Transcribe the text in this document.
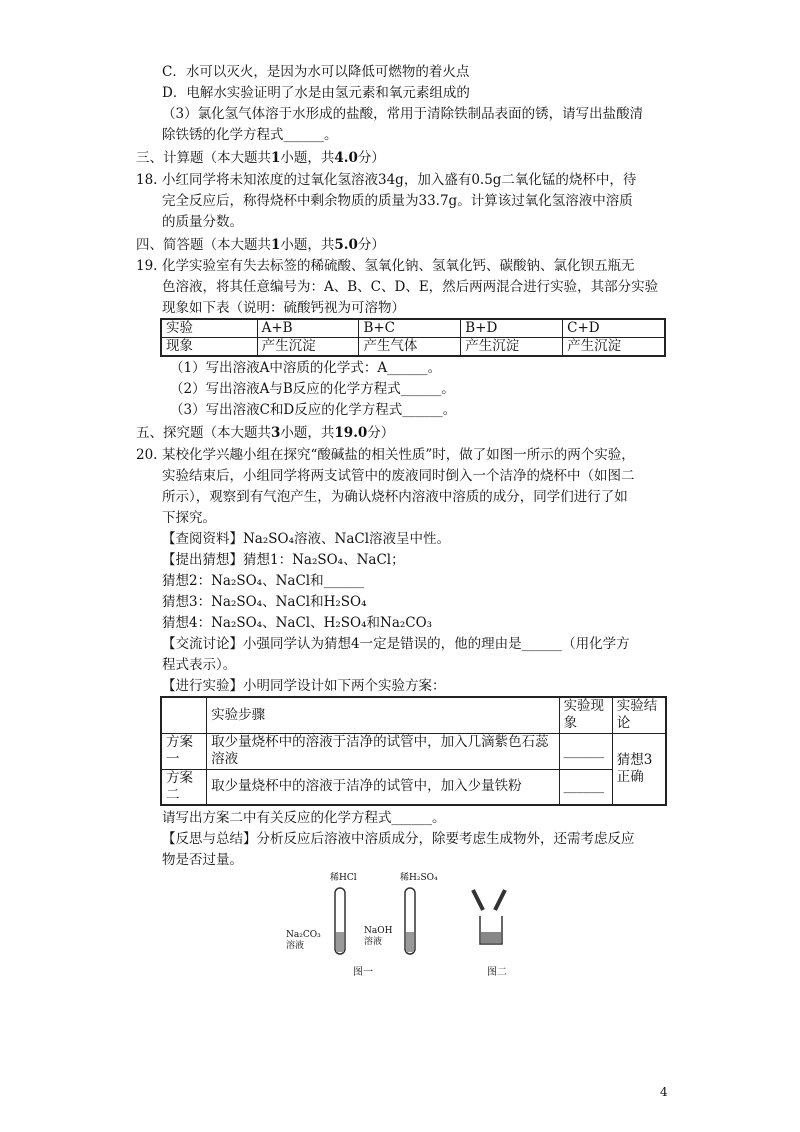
C．水可以灭火，是因为水可以降低可燃物的着火点
D．电解水实验证明了水是由氢元素和氧元素组成的
（3）氯化氢气体溶于水形成的盐酸，常用于清除铁制品表面的锈，请写出盐酸清
除铁锈的化学方程式______。
三、计算题（本大题共1小题，共4.0分）
18. 小红同学将未知浓度的过氧化氢溶液34g，加入盛有0.5g二氧化锰的烧杯中，待
完全反应后，称得烧杯中剩余物质的质量为33.7g。计算该过氧化氢溶液中溶质
的质量分数。
四、简答题（本大题共1小题，共5.0分）
19. 化学实验室有失去标签的稀硫酸、氢氧化钠、氢氧化钙、碳酸钠、氯化钡五瓶无
色溶液，将其任意编号为：A、B、C、D、E，然后两两混合进行实验，其部分实验
现象如下表（说明：硫酸钙视为可溶物）
实验	A+B	B+C	B+D	C+D
现象	产生沉淀	产生气体	产生沉淀	产生沉淀
（1）写出溶液A中溶质的化学式：A______。
（2）写出溶液A与B反应的化学方程式______。
（3）写出溶液C和D反应的化学方程式______。
五、探究题（本大题共3小题，共19.0分）
20. 某校化学兴趣小组在探究“酸碱盐的相关性质”时，做了如图一所示的两个实验，
实验结束后，小组同学将两支试管中的废液同时倒入一个洁净的烧杯中（如图二
所示），观察到有气泡产生，为确认烧杯内溶液中溶质的成分，同学们进行了如
下探究。
【查阅资料】Na₂SO₄溶液、NaCl溶液呈中性。
【提出猜想】猜想1：Na₂SO₄、NaCl；
猜想2：Na₂SO₄、NaCl和______
猜想3：Na₂SO₄、NaCl和H₂SO₄
猜想4：Na₂SO₄、NaCl、H₂SO₄和Na₂CO₃
【交流讨论】小强同学认为猜想4一定是错误的，他的理由是______（用化学方
程式表示）。
【进行实验】小明同学设计如下两个实验方案：
	实验步骤	实验现象	实验结论
方案一	取少量烧杯中的溶液于洁净的试管中，加入几滴紫色石蕊溶液	______	猜想3正确
方案二	取少量烧杯中的溶液于洁净的试管中，加入少量铁粉	______	
请写出方案二中有关反应的化学方程式______。
【反思与总结】分析反应后溶液中溶质成分，除要考虑生成物外，还需考虑反应
物是否过量。
稀HCl	稀H₂SO₄
Na₂CO₃ 溶液
NaOH 溶液
图一	图二
4
